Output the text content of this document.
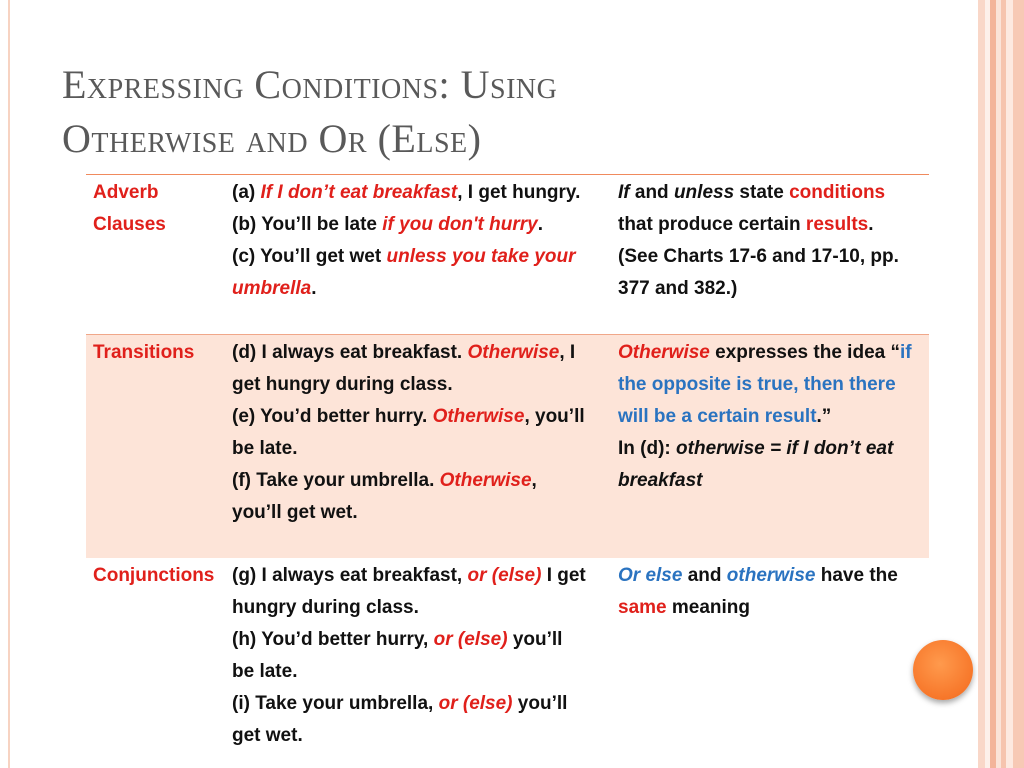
Expressing Conditions: Using
Otherwise and Or (Else)
Adverb
Clauses
(a) If I don’t eat breakfast, I get hungry.
(b) You’ll be late if you don't hurry.
(c) You’ll get wet unless you take your
umbrella.
If and unless state conditions
that produce certain results.
(See Charts 17-6 and 17-10, pp.
377 and 382.)
Transitions	(d) I always eat breakfast. Otherwise, I
get hungry during class.
(e) You’d better hurry. Otherwise, you’ll
be late.
(f) Take your umbrella. Otherwise,
you’ll get wet.
Otherwise expresses the idea “if
the opposite is true, then there
will be a certain result.”
In (d): otherwise = if I don’t eat
breakfast
Conjunctions (g) I always eat breakfast, or (else) I get
hungry during class.
(h) You’d better hurry, or (else) you’ll
be late.
(i) Take your umbrella, or (else) you’ll
get wet.
Or else and otherwise have the
same meaning
